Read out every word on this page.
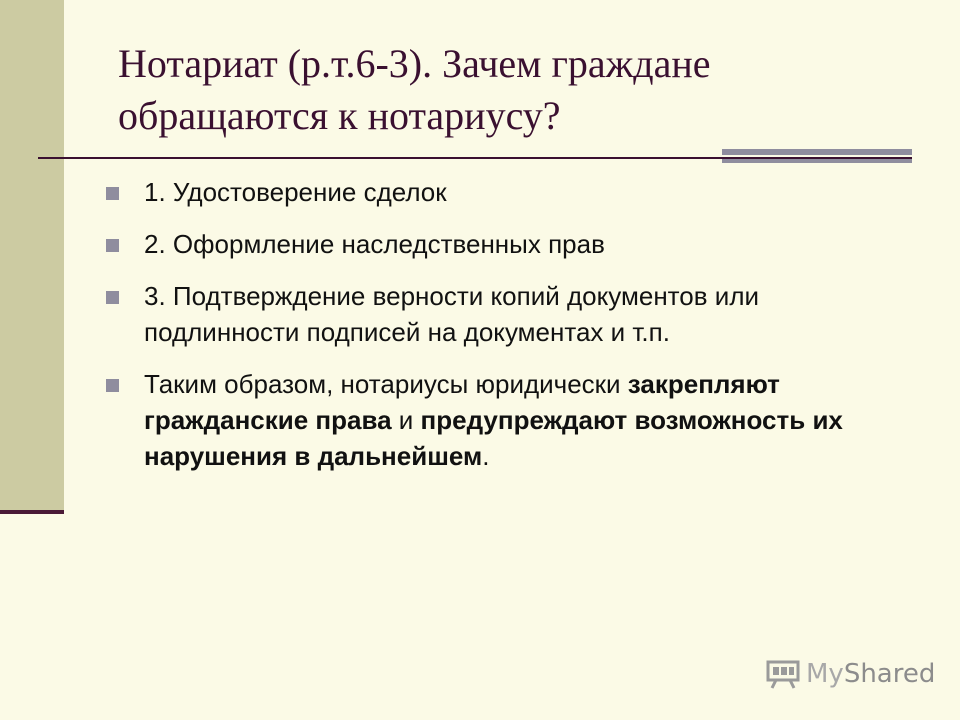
Нотариат (р.т.6-3). Зачем граждане
обращаются к нотариусу?
1. Удостоверение сделок
2. Оформление наследственных прав
3. Подтверждение верности копий документов или подлинности подписей на документах и т.п.
Таким образом, нотариусы юридически закрепляют гражданские права и предупреждают возможность их нарушения в дальнейшем.
MyShared
